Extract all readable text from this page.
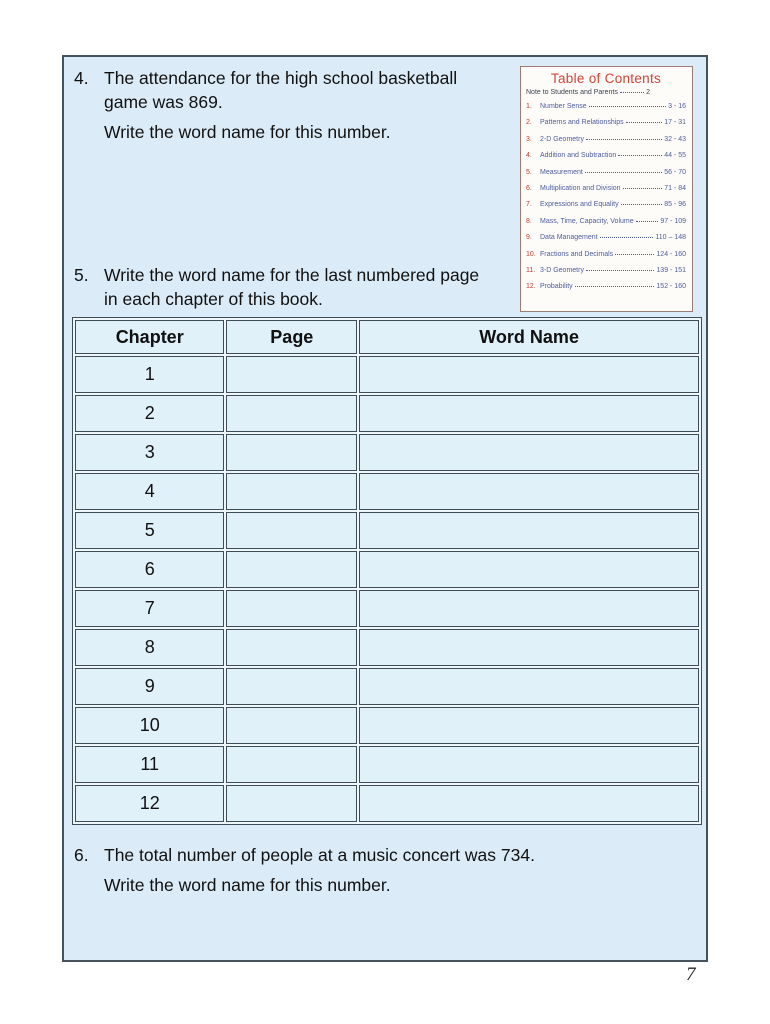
4. The attendance for the high school basketball
game was 869.
Write the word name for this number.
Table of Contents
Note to Students and Parents	2
1.	Number Sense	3 - 16
2.	Patterns and Relationships	17 - 31
3.	2-D Geometry	32 - 43
4.	Addition and Subtraction	44 - 55
5.	Measurement	56 - 70
6.	Multiplication and Division	71 - 84
7.	Expressions and Equality	85 - 96
8.	Mass, Time, Capacity, Volume	97 - 109
9.	Data Management	110 – 148
10. Fractions and Decimals	124 - 160
11. 3-D Geometry	139 - 151
12. Probability	152 - 160
5. Write the word name for the last numbered page
in each chapter of this book.
Chapter	Page	Word Name
1		
2		
3		
4		
5		
6		
7		
8		
9		
10		
11		
12		
6. The total number of people at a music concert was 734.
Write the word name for this number.
7
